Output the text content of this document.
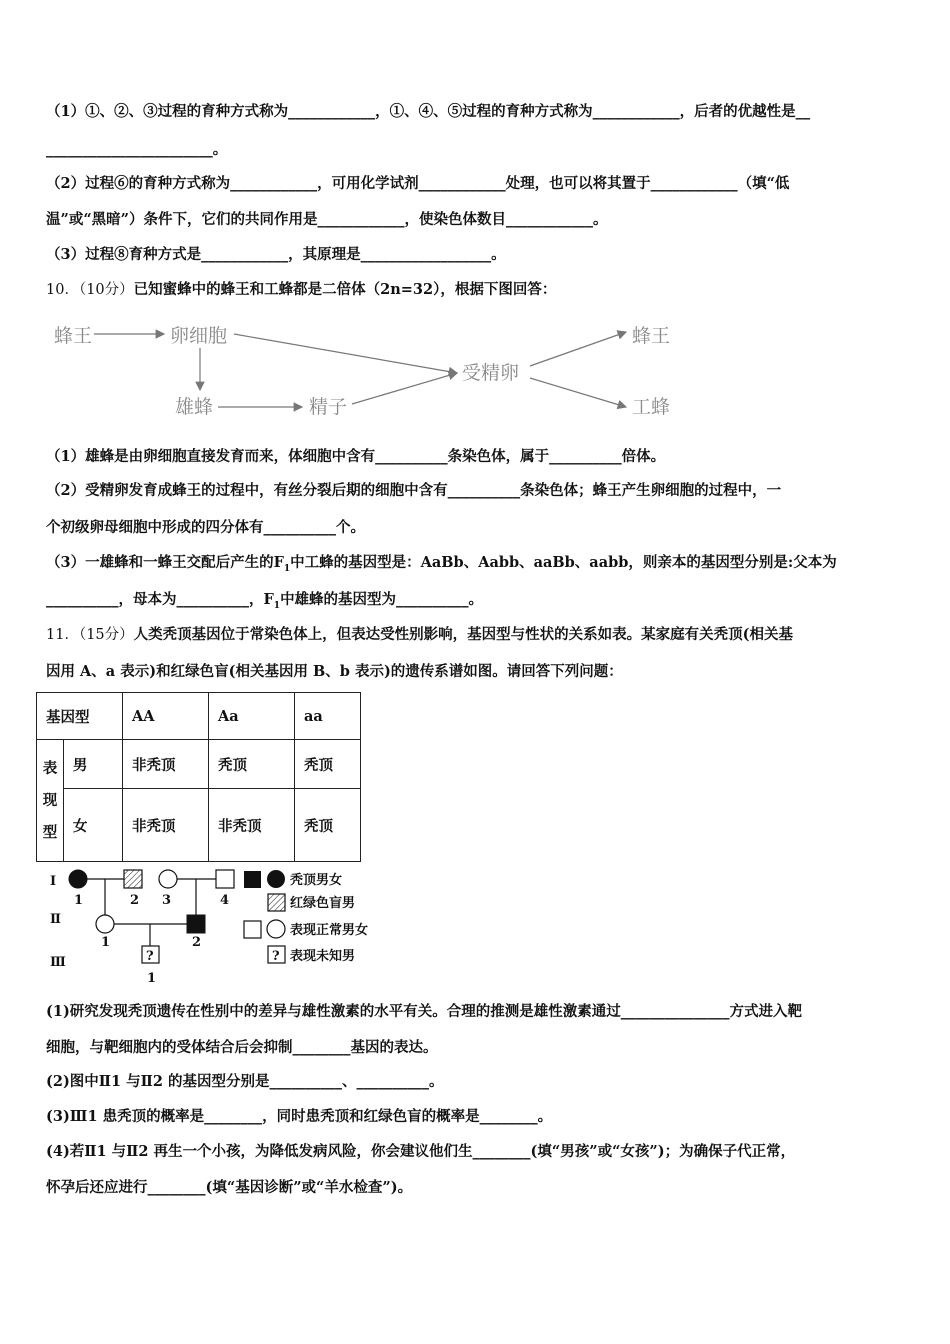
（1）①、②、③过程的育种方式称为____________，①、④、⑤过程的育种方式称为____________，后者的优越性是__
_______________________。
（2）过程⑥的育种方式称为____________，可用化学试剂____________处理，也可以将其置于____________（填“低
温”或“黑暗”）条件下，它们的共同作用是____________，使染色体数目____________。
（3）过程⑧育种方式是____________，其原理是__________________。
10．（10分）已知蜜蜂中的蜂王和工蜂都是二倍体（2n=32），根据下图回答：
蜂王	卵细胞
雄蜂	精子
受精卵
蜂王
工蜂
（1）雄蜂是由卵细胞直接发育而来，体细胞中含有__________条染色体，属于__________倍体。
（2）受精卵发育成蜂王的过程中，有丝分裂后期的细胞中含有__________条染色体；蜂王产生卵细胞的过程中，一
个初级卵母细胞中形成的四分体有__________个。
（3）一雄蜂和一蜂王交配后产生的$F_1$中工蜂的基因型是：AaBb、Aabb、aaBb、aabb，则亲本的基因型分别是:父本为
__________，母本为__________，$F_1$中雄蜂的基因型为__________。
11．（15分）人类秃顶基因位于常染色体上，但表达受性别影响，基因型与性状的关系如表。某家庭有关秃顶(相关基
因用 A、a 表示)和红绿色盲(相关基因用 B、b 表示)的遗传系谱如图。请回答下列问题：
基因型		AA	Aa	aa
表
现
型	男	非秃顶	秃顶	秃顶
	女	非秃顶	非秃顶	秃顶
Ⅰ
Ⅱ
Ⅲ
1	2 3	4
1	2
?
1
秃顶男女
红绿色盲男
表现正常男女
? 表现未知男
(1)研究发现秃顶遗传在性别中的差异与雄性激素的水平有关。合理的推测是雄性激素通过_______________方式进入靶
细胞，与靶细胞内的受体结合后会抑制________基因的表达。
(2)图中Ⅱ1 与Ⅱ2 的基因型分别是__________、__________。
(3)Ⅲ1 患秃顶的概率是________，同时患秃顶和红绿色盲的概率是________。
(4)若Ⅱ1 与Ⅱ2 再生一个小孩，为降低发病风险，你会建议他们生________(填“男孩”或“女孩”)；为确保子代正常，
怀孕后还应进行________(填“基因诊断”或“羊水检查”)。
